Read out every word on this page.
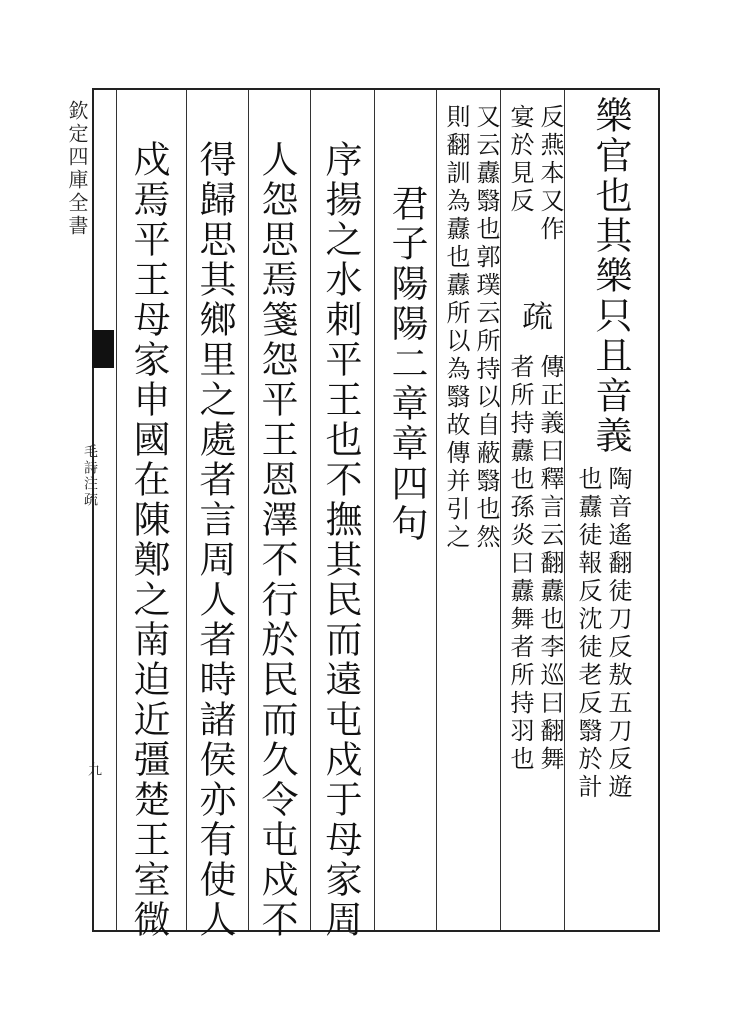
欽定四庫全書
毛詩注疏
九
樂官也其樂只且音義
陶音遙翻徒刀反敖五刀反遊
也纛徒報反沈徒老反翳於計
反燕本又作
宴於見反
疏
傳正義曰釋言云翻纛也李巡曰翻舞
者所持纛也孫炎曰纛舞者所持羽也
又云纛翳也郭璞云所持以自蔽翳也然
則翻訓為纛也纛所以為翳故傳并引之
君子陽陽二章章四句
序揚之水刺平王也不撫其民而遠屯戍于母家周
人怨思焉箋怨平王恩澤不行於民而久令屯戍不
得歸思其鄉里之處者言周人者時諸侯亦有使人
戍焉平王母家申國在陳鄭之南迫近彊楚王室微
